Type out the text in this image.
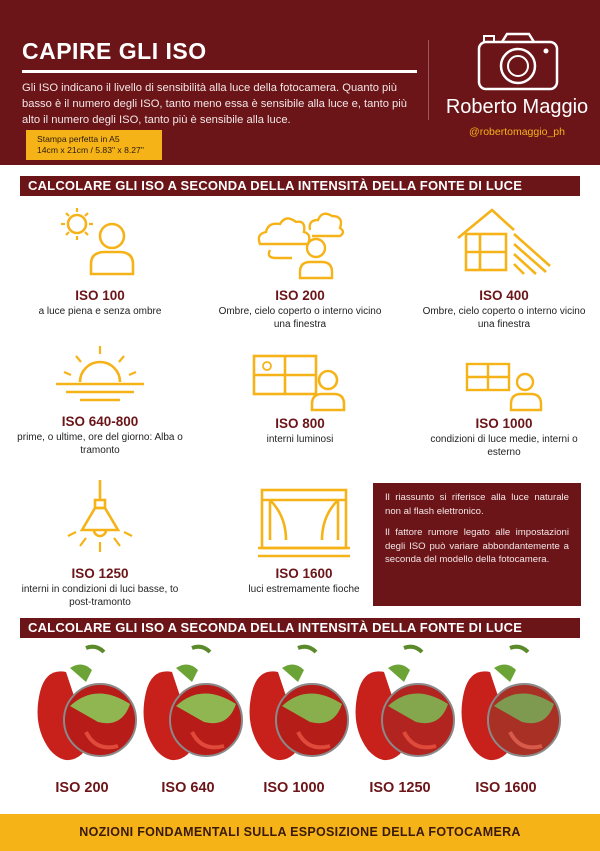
CAPIRE GLI ISO
Gli ISO indicano il livello di sensibilità alla luce della fotocamera. Quanto più basso è il numero degli ISO, tanto meno essa è sensibile alla luce e, tanto più alto il numero degli ISO, tanto più è sensibile alla luce.
Roberto Maggio
@robertomaggio_ph
Stampa perfetta in A5
14cm x 21cm / 5.83" x 8.27"
CALCOLARE GLI ISO A SECONDA DELLA INTENSITÀ DELLA FONTE DI LUCE
ISO 100
a luce piena e senza ombre
ISO 200
Ombre, cielo coperto o interno vicino una finestra
ISO 400
Ombre, cielo coperto o interno vicino una finestra
ISO 640-800
prime, o ultime, ore del giorno: Alba o tramonto
ISO 800
interni luminosi
ISO 1000
condizioni di luce medie, interni o esterno
ISO 1250
interni in condizioni di luci basse, to post-tramonto
ISO 1600
luci estremamente fioche

Il riassunto si riferisce alla luce naturale non al flash elettronico.

Il fattore rumore legato alle impostazioni degli ISO può variare abbondantemente a seconda del modello della fotocamera.

CALCOLARE GLI ISO A SECONDA DELLA INTENSITÀ DELLA FONTE DI LUCE
ISO 200	ISO 640	ISO 1000	ISO 1250	ISO 1600
NOZIONI FONDAMENTALI SULLA ESPOSIZIONE DELLA FOTOCAMERA
